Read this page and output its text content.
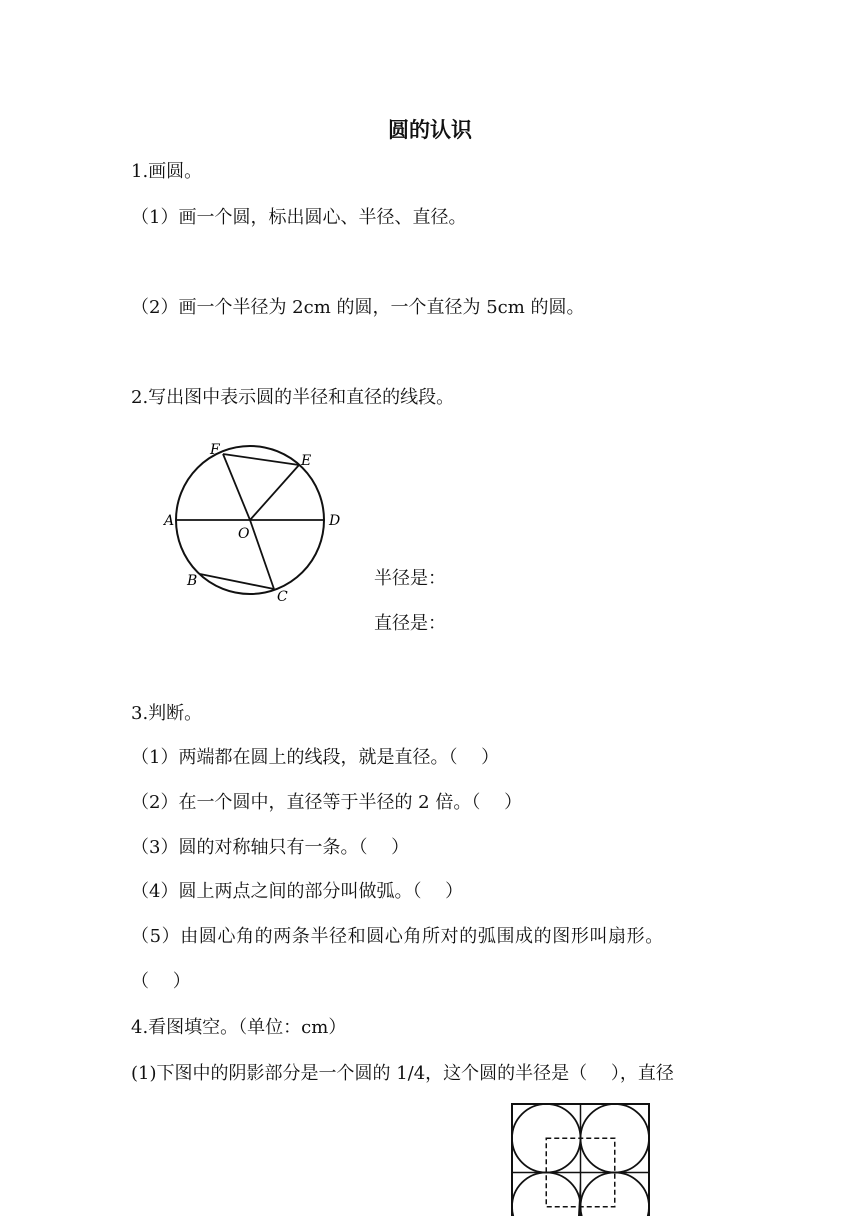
圆的认识
1.画圆。
（1）画一个圆，标出圆心、半径、直径。
（2）画一个半径为 2cm 的圆，一个直径为 5cm 的圆。
2.写出图中表示圆的半径和直径的线段。
A	D
F
E
O
B
C
半径是：
直径是：
3.判断。
（1）两端都在圆上的线段，就是直径。（　 ）
（2）在一个圆中，直径等于半径的 2 倍。（　 ）
（3）圆的对称轴只有一条。（　 ）
（4）圆上两点之间的部分叫做弧。（　 ）
（5）由圆心角的两条半径和圆心角所对的弧围成的图形叫扇形。
（　 ）
4.看图填空。（单位：cm）
(1)下图中的阴影部分是一个圆的 1/4，这个圆的半径是（　 ），直径
